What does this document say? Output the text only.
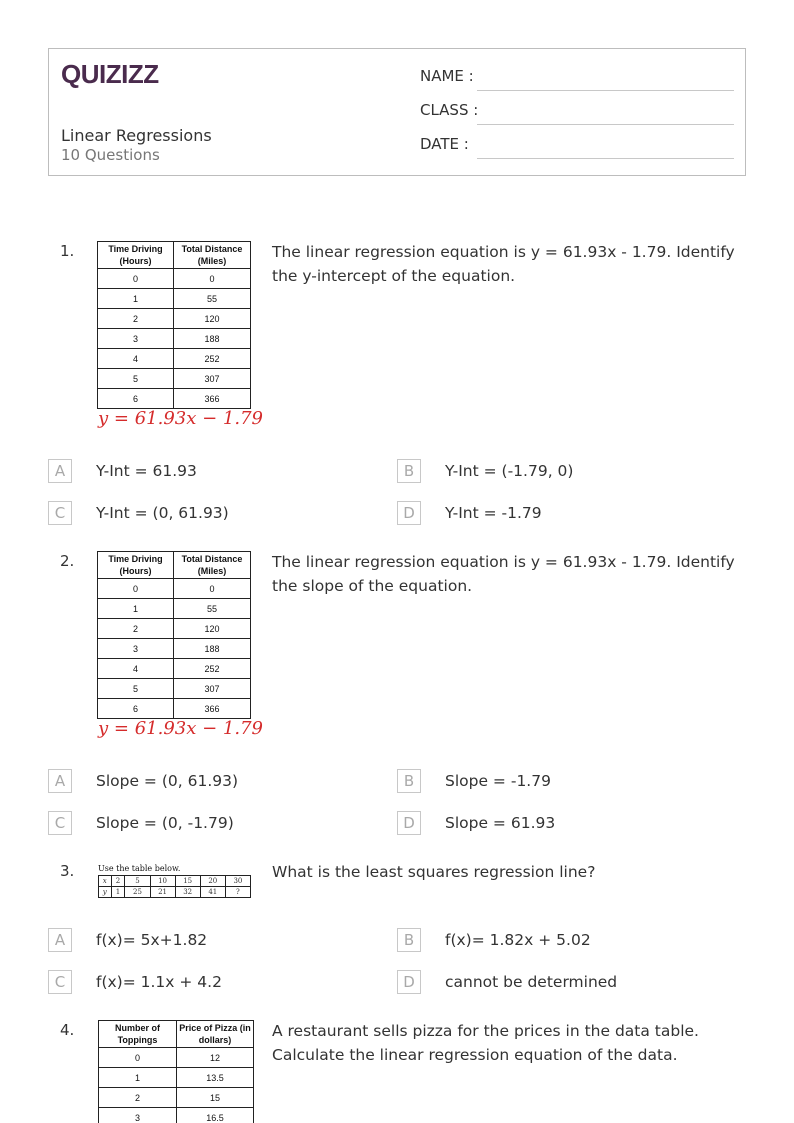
QUIZIZZ
Linear Regressions
10 Questions
NAME :
CLASS :
DATE :
1.	Time Driving (Hours)	Total Distance (Miles)
0	0
1	55
2	120
3	188
4	252
5	307
6	366
y = 61.93x − 1.79
The linear regression equation is y = 61.93x - 1.79. Identify the y-intercept of the equation.
A	Y-Int = 61.93	B	Y-Int = (-1.79, 0)
C	Y-Int = (0, 61.93)	D	Y-Int = -1.79
2.	Time Driving (Hours)	Total Distance (Miles)
0	0
1	55
2	120
3	188
4	252
5	307
6	366
y = 61.93x − 1.79
The linear regression equation is y = 61.93x - 1.79. Identify the slope of the equation.
A	Slope = (0, 61.93)	B	Slope = -1.79
C	Slope = (0, -1.79)	D	Slope = 61.93
3.	Use the table below.
x	2	5	10	15	20	30
y	1	25	21	32	41	?
What is the least squares regression line?
A	f(x)= 5x+1.82	B	f(x)= 1.82x + 5.02
C	f(x)= 1.1x + 4.2	D	cannot be determined
4.	Number of Toppings	Price of Pizza (in dollars)
0	12
1	13.5
2	15
3	16.5
A restaurant sells pizza for the prices in the data table. Calculate the linear regression equation of the data.
